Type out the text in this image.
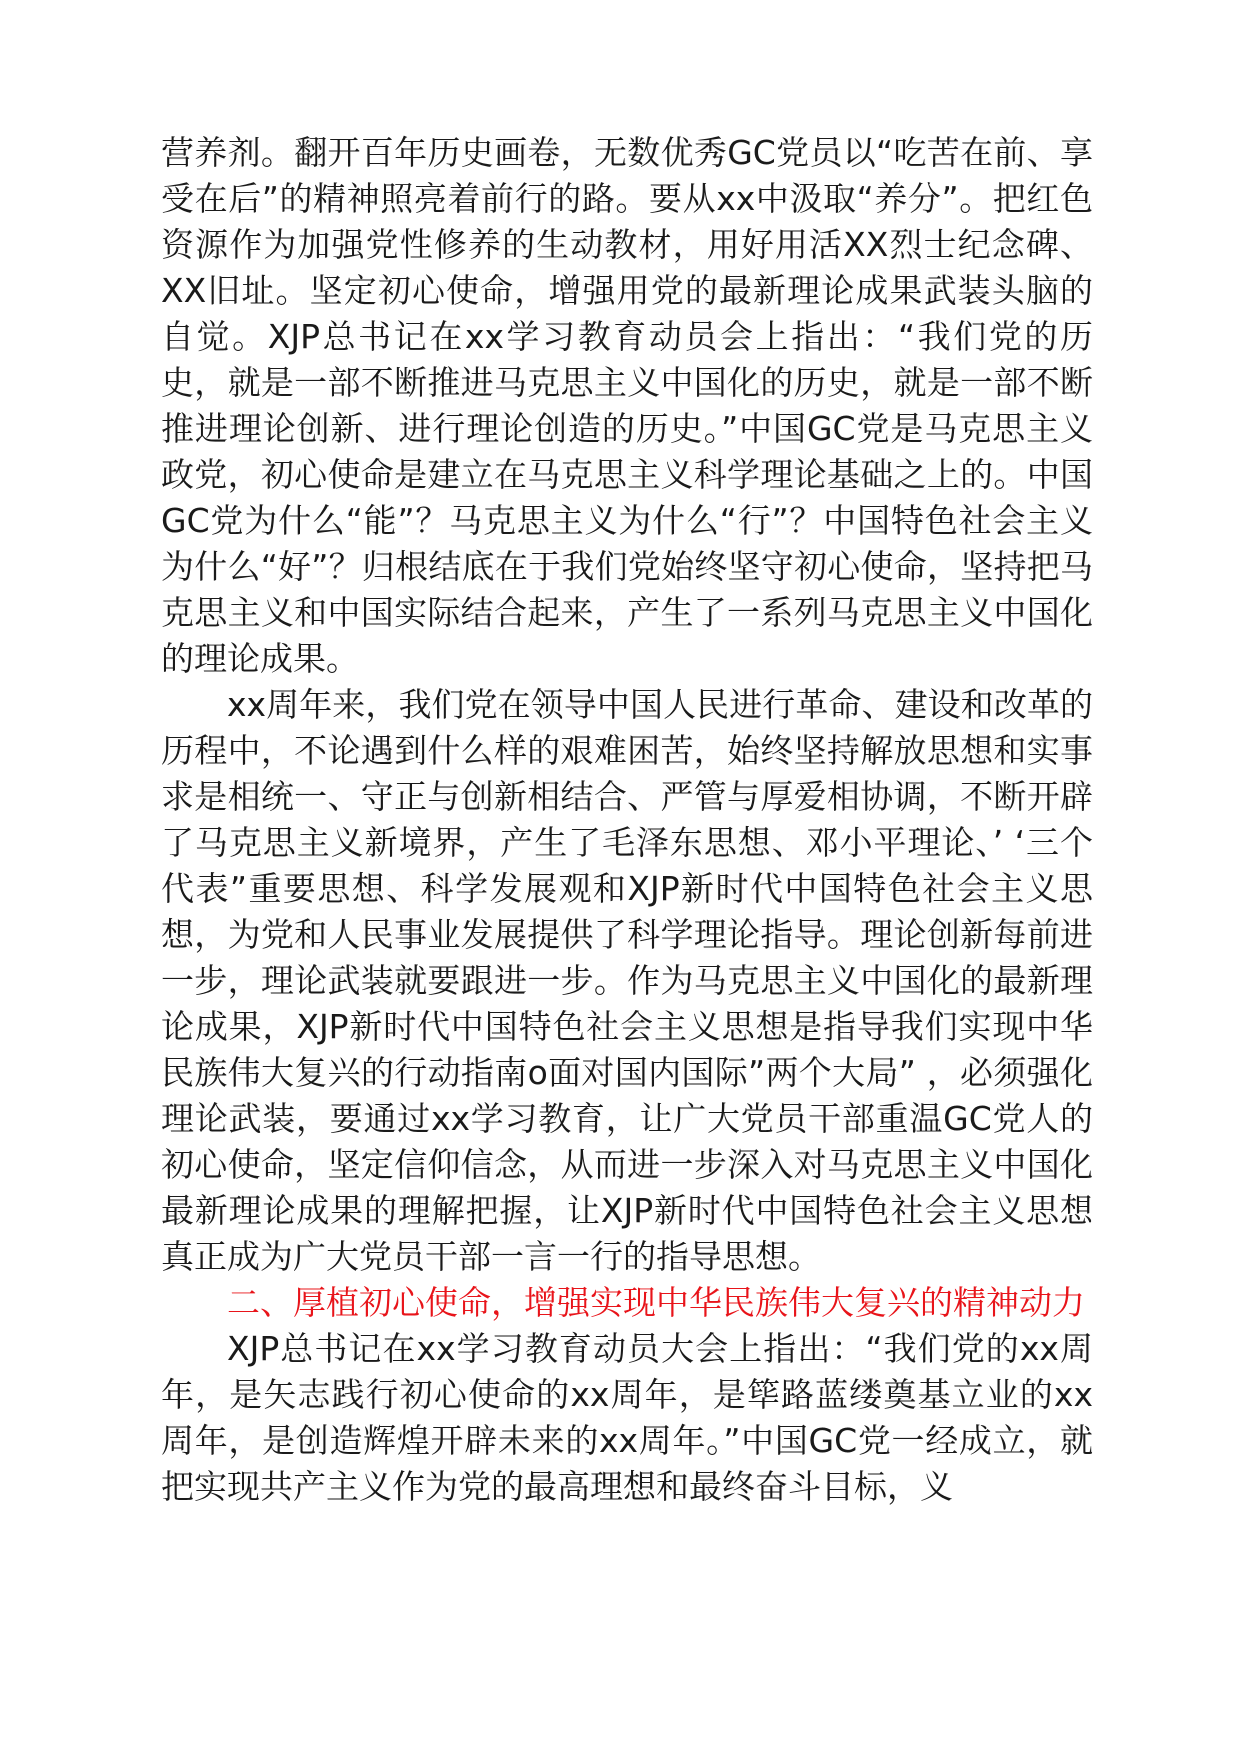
营养剂。翻开百年历史画卷，无数优秀GC党员以“吃苦在前、享受在后”的精神照亮着前行的路。要从xx中汲取“养分”。把红色资源作为加强党性修养的生动教材，用好用活XX烈士纪念碑、XX旧址。坚定初心使命，增强用党的最新理论成果武装头脑的自觉。XJP总书记在xx学习教育动员会上指出：“我们党的历史，就是一部不断推进马克思主义中国化的历史，就是一部不断推进理论创新、进行理论创造的历史。”中国GC党是马克思主义政党，初心使命是建立在马克思主义科学理论基础之上的。中国GC党为什么“能”？马克思主义为什么“行”？中国特色社会主义为什么“好”？归根结底在于我们党始终坚守初心使命，坚持把马克思主义和中国实际结合起来，产生了一系列马克思主义中国化的理论成果。

xx周年来，我们党在领导中国人民进行革命、建设和改革的历程中，不论遇到什么样的艰难困苦，始终坚持解放思想和实事求是相统一、守正与创新相结合、严管与厚爱相协调，不断开辟了马克思主义新境界，产生了毛泽东思想、邓小平理论、’ ‘三个代表”重要思想、科学发展观和XJP新时代中国特色社会主义思想，为党和人民事业发展提供了科学理论指导。理论创新每前进一步，理论武装就要跟进一步。作为马克思主义中国化的最新理论成果，XJP新时代中国特色社会主义思想是指导我们实现中华民族伟大复兴的行动指南o面对国内国际”两个大局” ，必须强化理论武装，要通过xx学习教育，让广大党员干部重温GC党人的初心使命，坚定信仰信念，从而进一步深入对马克思主义中国化最新理论成果的理解把握，让XJP新时代中国特色社会主义思想真正成为广大党员干部一言一行的指导思想。

二、厚植初心使命，增强实现中华民族伟大复兴的精神动力

XJP总书记在xx学习教育动员大会上指出：“我们党的xx周年，是矢志践行初心使命的xx周年，是筚路蓝缕奠基立业的xx周年，是创造辉煌开辟未来的xx周年。”中国GC党一经成立，就把实现共产主义作为党的最高理想和最终奋斗目标，义
